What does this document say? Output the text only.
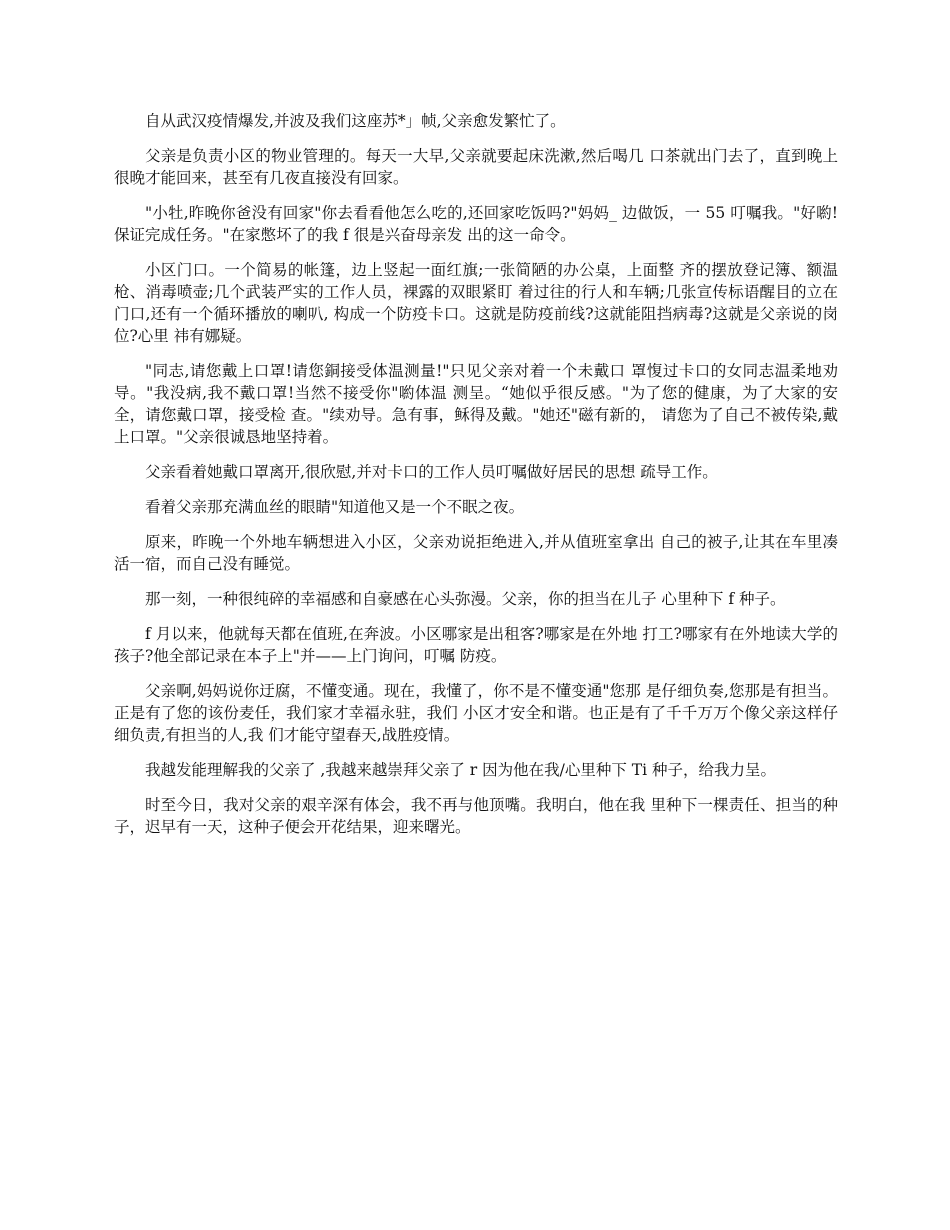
自从武汉疫情爆发,并波及我们这座苏*」帧,父亲愈发繁忙了。

父亲是负责小区的物业管理的。每天一大早,父亲就要起床洗漱,然后喝几 口茶就出门去了，直到晚上很晚才能回来，甚至有几夜直接没有回家。

"小牡,昨晚你爸没有回家"你去看看他怎么吃的,还回家吃饭吗?"妈妈_ 边做饭，一 55 叮嘱我。"好喲!保证完成任务。"在家憋坏了的我 f 很是兴奋母亲发 出的这一命令。

小区门口。一个简易的帐篷，边上竖起一面红旗;一张简陋的办公桌，上面整 齐的摆放登记簿、额温枪、消毒喷壶;几个武装严实的工作人员，裸露的双眼紧盯 着过往的行人和车辆;几张宣传标语醒目的立在门口,还有一个循环播放的喇叭, 构成一个防疫卡口。这就是防疫前线?这就能阻挡病毒?这就是父亲说的岗位?心里 祎有娜疑。

"同志,请您戴上口罩!请您銅接受体温测量!"只见父亲对着一个未戴口 罩愎过卡口的女同志温柔地劝导。"我没病,我不戴口罩!当然不接受你"喲体温 测呈。“她似乎很反感。"为了您的健康，为了大家的安全，请您戴口罩，接受检 查。"续劝导。急有事，稣得及戴。"她还"磁有新的， 请您为了自己不被传染,戴上口罩。"父亲很诚恳地坚持着。

父亲看着她戴口罩离开,很欣慰,并对卡口的工作人员叮嘱做好居民的思想 疏导工作。

看着父亲那充满血丝的眼睛"知道他又是一个不眠之夜。

原来，昨晚一个外地车辆想进入小区，父亲劝说拒绝进入,并从值班室拿出 自己的被子,让其在车里凑活一宿，而自己没有睡觉。

那一刻，一种很纯碎的幸福感和自豪感在心头弥漫。父亲，你的担当在儿子 心里种下 f 种子。

f 月以来，他就每天都在值班,在奔波。小区哪家是出租客?哪家是在外地 打工?哪家有在外地读大学的孩子?他全部记录在本子上"并——上门询问，叮嘱 防疫。

父亲啊,妈妈说你迂腐，不懂变通。现在，我懂了，你不是不懂变通"您那 是仔细负奏,您那是有担当。正是有了您的该份麦任，我们家才幸福永驻，我们 小区才安全和谐。也正是有了千千万万个像父亲这样仔细负责,有担当的人,我 们才能守望春天,战胜疫情。

我越发能理解我的父亲了 ,我越来越崇拜父亲了 r 因为他在我/心里种下 Ti 种子，给我力呈。

时至今日，我对父亲的艰辛深有体会，我不再与他顶嘴。我明白，他在我 里种下一棵责任、担当的种子，迟早有一天，这种子便会开花结果，迎来曙光。
